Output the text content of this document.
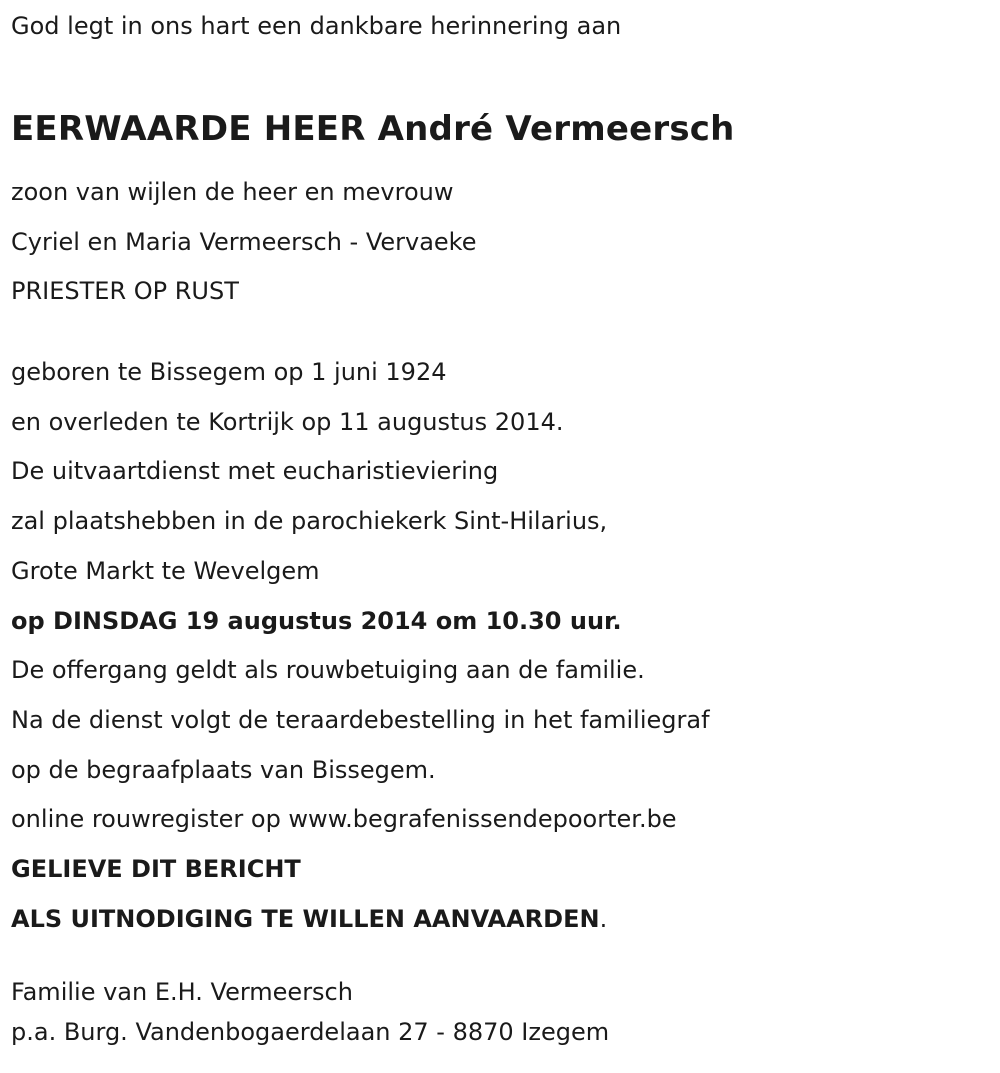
God legt in ons hart een dankbare herinnering aan

EERWAARDE HEER André Vermeersch

zoon van wijlen de heer en mevrouw

Cyriel en Maria Vermeersch - Vervaeke

PRIESTER OP RUST

geboren te Bissegem op 1 juni 1924

en overleden te Kortrijk op 11 augustus 2014.

De uitvaartdienst met eucharistieviering

zal plaatshebben in de parochiekerk Sint-Hilarius,

Grote Markt te Wevelgem

op DINSDAG 19 augustus 2014 om 10.30 uur.

De offergang geldt als rouwbetuiging aan de familie.

Na de dienst volgt de teraardebestelling in het familiegraf

op de begraafplaats van Bissegem.

online rouwregister op www.begrafenissendepoorter.be

GELIEVE DIT BERICHT

ALS UITNODIGING TE WILLEN AANVAARDEN.

Familie van E.H. Vermeersch

p.a. Burg. Vandenbogaerdelaan 27 - 8870 Izegem
